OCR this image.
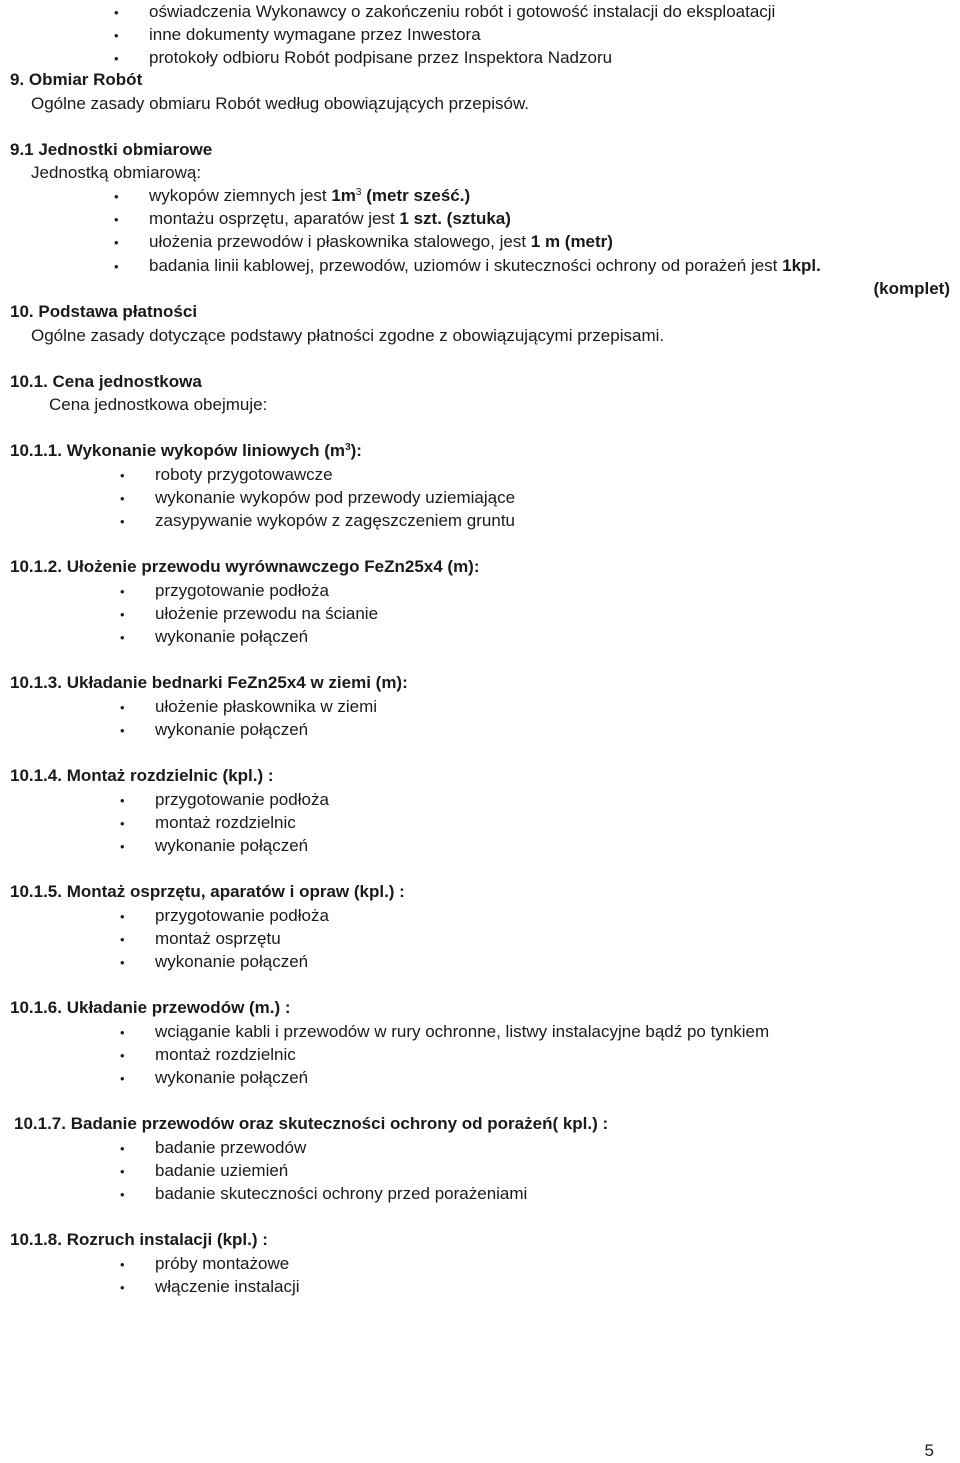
• oświadczenia Wykonawcy o zakończeniu robót i gotowość instalacji do eksploatacji
• inne dokumenty wymagane przez Inwestora
• protokoły odbioru Robót podpisane przez Inspektora Nadzoru
9. Obmiar Robót
Ogólne zasady obmiaru Robót według obowiązujących przepisów.
9.1 Jednostki obmiarowe
Jednostką obmiarową:
• wykopów ziemnych jest $1m^3$ (metr sześć.)
• montażu osprzętu, aparatów jest 1 szt. (sztuka)
• ułożenia przewodów i płaskownika stalowego, jest 1 m (metr)
• badania linii kablowej, przewodów, uziomów i skuteczności ochrony od porażeń jest 1kpl.
(komplet)
10. Podstawa płatności
Ogólne zasady dotyczące podstawy płatności zgodne z obowiązującymi przepisami.
10.1. Cena jednostkowa
Cena jednostkowa obejmuje:
10.1.1. Wykonanie wykopów liniowych $(m^3)$:
• roboty przygotowawcze
• wykonanie wykopów pod przewody uziemiające
• zasypywanie wykopów z zagęszczeniem gruntu
10.1.2. Ułożenie przewodu wyrównawczego FeZn25x4 (m):
• przygotowanie podłoża
• ułożenie przewodu na ścianie
• wykonanie połączeń
10.1.3. Układanie bednarki FeZn25x4 w ziemi (m):
• ułożenie płaskownika w ziemi
• wykonanie połączeń
10.1.4. Montaż rozdzielnic (kpl.) :
• przygotowanie podłoża
• montaż rozdzielnic
• wykonanie połączeń
10.1.5. Montaż osprzętu, aparatów i opraw (kpl.) :
• przygotowanie podłoża
• montaż osprzętu
• wykonanie połączeń
10.1.6. Układanie przewodów (m.) :
• wciąganie kabli i przewodów w rury ochronne, listwy instalacyjne bądź po tynkiem
• montaż rozdzielnic
• wykonanie połączeń
10.1.7. Badanie przewodów oraz skuteczności ochrony od porażeń( kpl.) :
• badanie przewodów
• badanie uziemień
• badanie skuteczności ochrony przed porażeniami
10.1.8. Rozruch instalacji (kpl.) :
• próby montażowe
• włączenie instalacji
5
